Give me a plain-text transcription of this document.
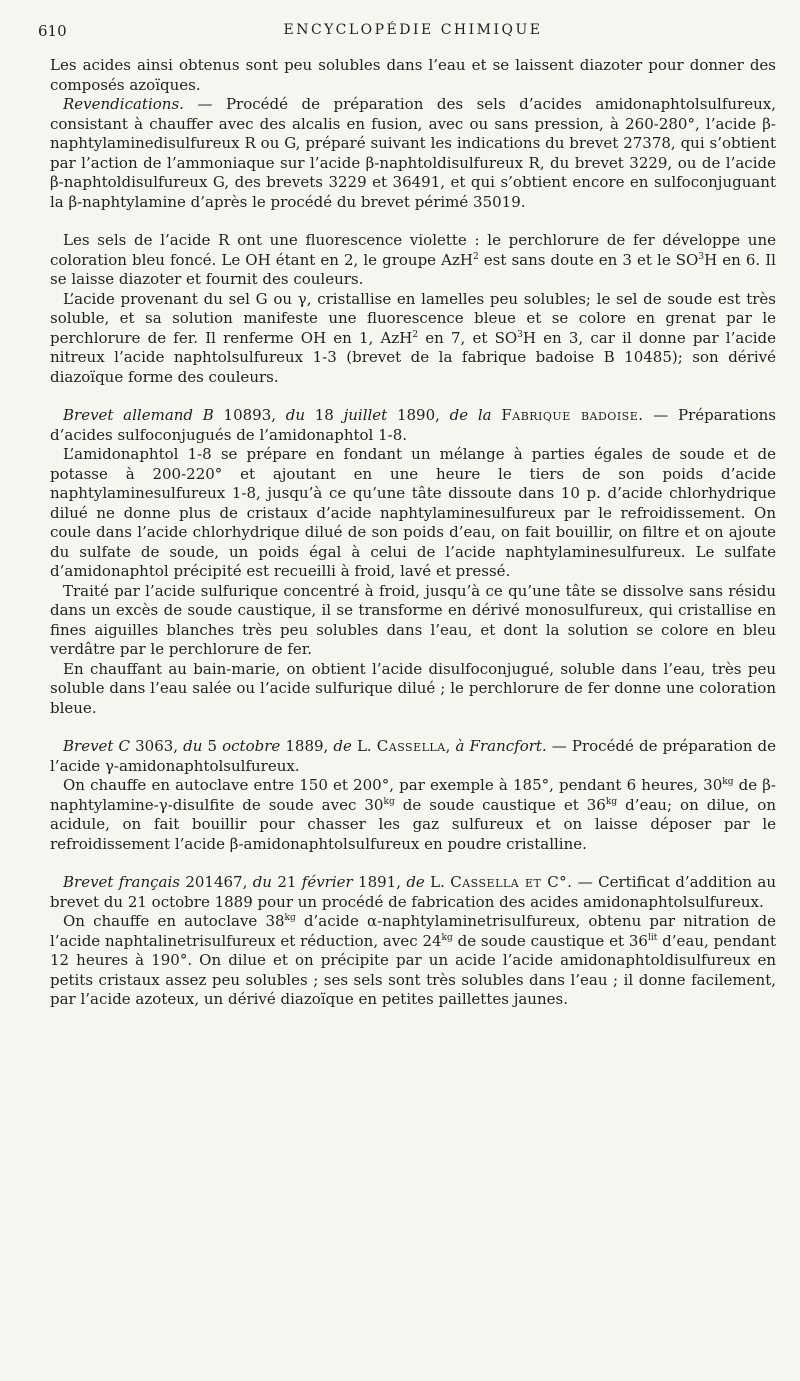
610	ENCYCLOPÉDIE CHIMIQUE

Les acides ainsi obtenus sont peu solubles dans l’eau et se laissent diazoter pour donner des composés azoïques.

Revendications. — Procédé de préparation des sels d’acides amidonaphtolsulfureux, consistant à chauffer avec des alcalis en fusion, avec ou sans pression, à 260-280°, l’acide β-naphtylaminedisulfureux R ou G, préparé suivant les indications du brevet 27378, qui s’obtient par l’action de l’ammoniaque sur l’acide β-naphtoldisulfureux R, du brevet 3229, ou de l’acide β-naphtoldisulfureux G, des brevets 3229 et 36491, et qui s’obtient encore en sulfoconjuguant la β-naphtylamine d’après le procédé du brevet périmé 35019.

Les sels de l’acide R ont une fluorescence violette : le perchlorure de fer développe une coloration bleu foncé. Le OH étant en 2, le groupe AzH$^2$ est sans doute en 3 et le $SO^3H$ en 6. Il se laisse diazoter et fournit des couleurs.

L’acide provenant du sel G ou γ, cristallise en lamelles peu solubles; le sel de soude est très soluble, et sa solution manifeste une fluorescence bleue et se colore en grenat par le perchlorure de fer. Il renferme OH en 1, AzH$^2$ en 7, et $SO^3H$ en 3, car il donne par l’acide nitreux l’acide naphtolsulfureux 1-3 (brevet de la fabrique badoise B 10485); son dérivé diazoïque forme des couleurs.

Brevet allemand B 10893, du 18 juillet 1890, de la Fabrique badoise. — Préparations d’acides sulfoconjugués de l’amidonaphtol 1-8.

L’amidonaphtol 1-8 se prépare en fondant un mélange à parties égales de soude et de potasse à 200-220° et ajoutant en une heure le tiers de son poids d’acide naphtylaminesulfureux 1-8, jusqu’à ce qu’une tâte dissoute dans 10 p. d’acide chlorhydrique dilué ne donne plus de cristaux d’acide naphtylaminesulfureux par le refroidissement. On coule dans l’acide chlorhydrique dilué de son poids d’eau, on fait bouillir, on filtre et on ajoute du sulfate de soude, un poids égal à celui de l’acide naphtylaminesulfureux. Le sulfate d’amidonaphtol précipité est recueilli à froid, lavé et pressé.

Traité par l’acide sulfurique concentré à froid, jusqu’à ce qu’une tâte se dissolve sans résidu dans un excès de soude caustique, il se transforme en dérivé monosulfureux, qui cristallise en fines aiguilles blanches très peu solubles dans l’eau, et dont la solution se colore en bleu verdâtre par le perchlorure de fer.

En chauffant au bain-marie, on obtient l’acide disulfoconjugué, soluble dans l’eau, très peu soluble dans l’eau salée ou l’acide sulfurique dilué ; le perchlorure de fer donne une coloration bleue.

Brevet C 3063, du 5 octobre 1889, de L. Cassella, à Francfort. — Procédé de préparation de l’acide γ-amidonaphtolsulfureux.

On chauffe en autoclave entre 150 et 200°, par exemple à 185°, pendant 6 heures, $30^{kg}$ de β-naphtylamine-γ-disulfite de soude avec $30^{kg}$ de soude caustique et $36^{kg}$ d’eau; on dilue, on acidule, on fait bouillir pour chasser les gaz sulfureux et on laisse déposer par le refroidissement l’acide β-amidonaphtolsulfureux en poudre cristalline.

Brevet français 201467, du 21 février 1891, de L. Cassella et C°. — Certificat d’addition au brevet du 21 octobre 1889 pour un procédé de fabrication des acides amidonaphtolsulfureux.

On chauffe en autoclave $38^{kg}$ d’acide α-naphtylaminetrisulfureux, obtenu par nitration de l’acide naphtalinetrisulfureux et réduction, avec $24^{kg}$ de soude caustique et $36^{lit}$ d’eau, pendant 12 heures à 190°. On dilue et on précipite par un acide l’acide amidonaphtoldisulfureux en petits cristaux assez peu solubles ; ses sels sont très solubles dans l’eau ; il donne facilement, par l’acide azoteux, un dérivé diazoïque en petites paillettes jaunes.
